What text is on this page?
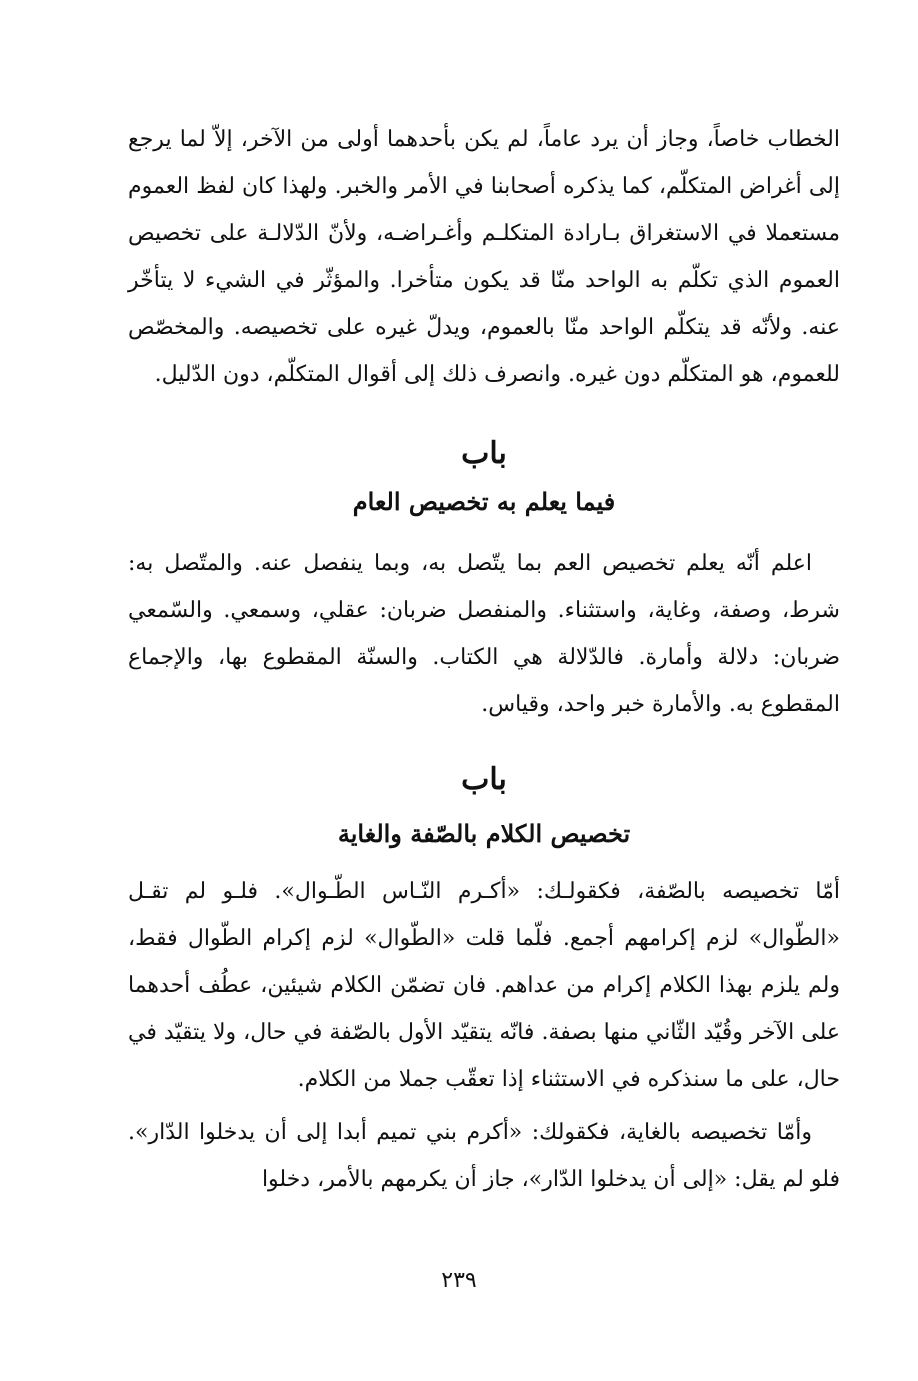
الخطاب خاصاً، وجاز أن يرد عاماً، لم يكن بأحدهما أولى من الآخر، إلاّ لما يرجع إلى أغراض المتكلّم، كما يذكره أصحابنا في الأمر والخبر. ولهذا كان لفظ العموم مستعملا في الاستغراق بـارادة المتكلـم وأغـراضـه، ولأنّ الدّلالـة على تخصيص العموم الذي تكلّم به الواحد منّا قد يكون متأخرا. والمؤثّر في الشيء لا يتأخّر عنه. ولأنّه قد يتكلّم الواحد منّا بالعموم، ويدلّ غيره على تخصيصه. والمخصّص للعموم، هو المتكلّم دون غيره. وانصرف ذلك إلى أقوال المتكلّم، دون الدّليل.

باب
فيما يعلم به تخصيص العام

اعلم أنّه يعلم تخصيص العم بما يتّصل به، وبما ينفصل عنه. والمتّصل به: شرط، وصفة، وغاية، واستثناء. والمنفصل ضربان: عقلي، وسمعي. والسّمعي ضربان: دلالة وأمارة. فالدّلالة هي الكتاب. والسنّة المقطوع بها، والإجماع المقطوع به. والأمارة خبر واحد، وقياس.

باب
تخصيص الكلام بالصّفة والغاية

أمّا تخصيصه بالصّفة، فكقولـك: «أكـرم النّـاس الطّـوال». فلـو لم تقـل «الطّوال» لزم إكرامهم أجمع. فلّما قلت «الطّوال» لزم إكرام الطّوال فقط، ولم يلزم بهذا الكلام إكرام من عداهم. فان تضمّن الكلام شيئين، عطُف أحدهما على الآخر وقُيّد الثّاني منها بصفة. فانّه يتقيّد الأول بالصّفة في حال، ولا يتقيّد في حال، على ما سنذكره في الاستثناء إذا تعقّب جملا من الكلام.

وأمّا تخصيصه بالغاية، فكقولك: «أكرم بني تميم أبدا إلى أن يدخلوا الدّار». فلو لم يقل: «إلى أن يدخلوا الدّار»، جاز أن يكرمهم بالأمر، دخلوا

٢٣٩
